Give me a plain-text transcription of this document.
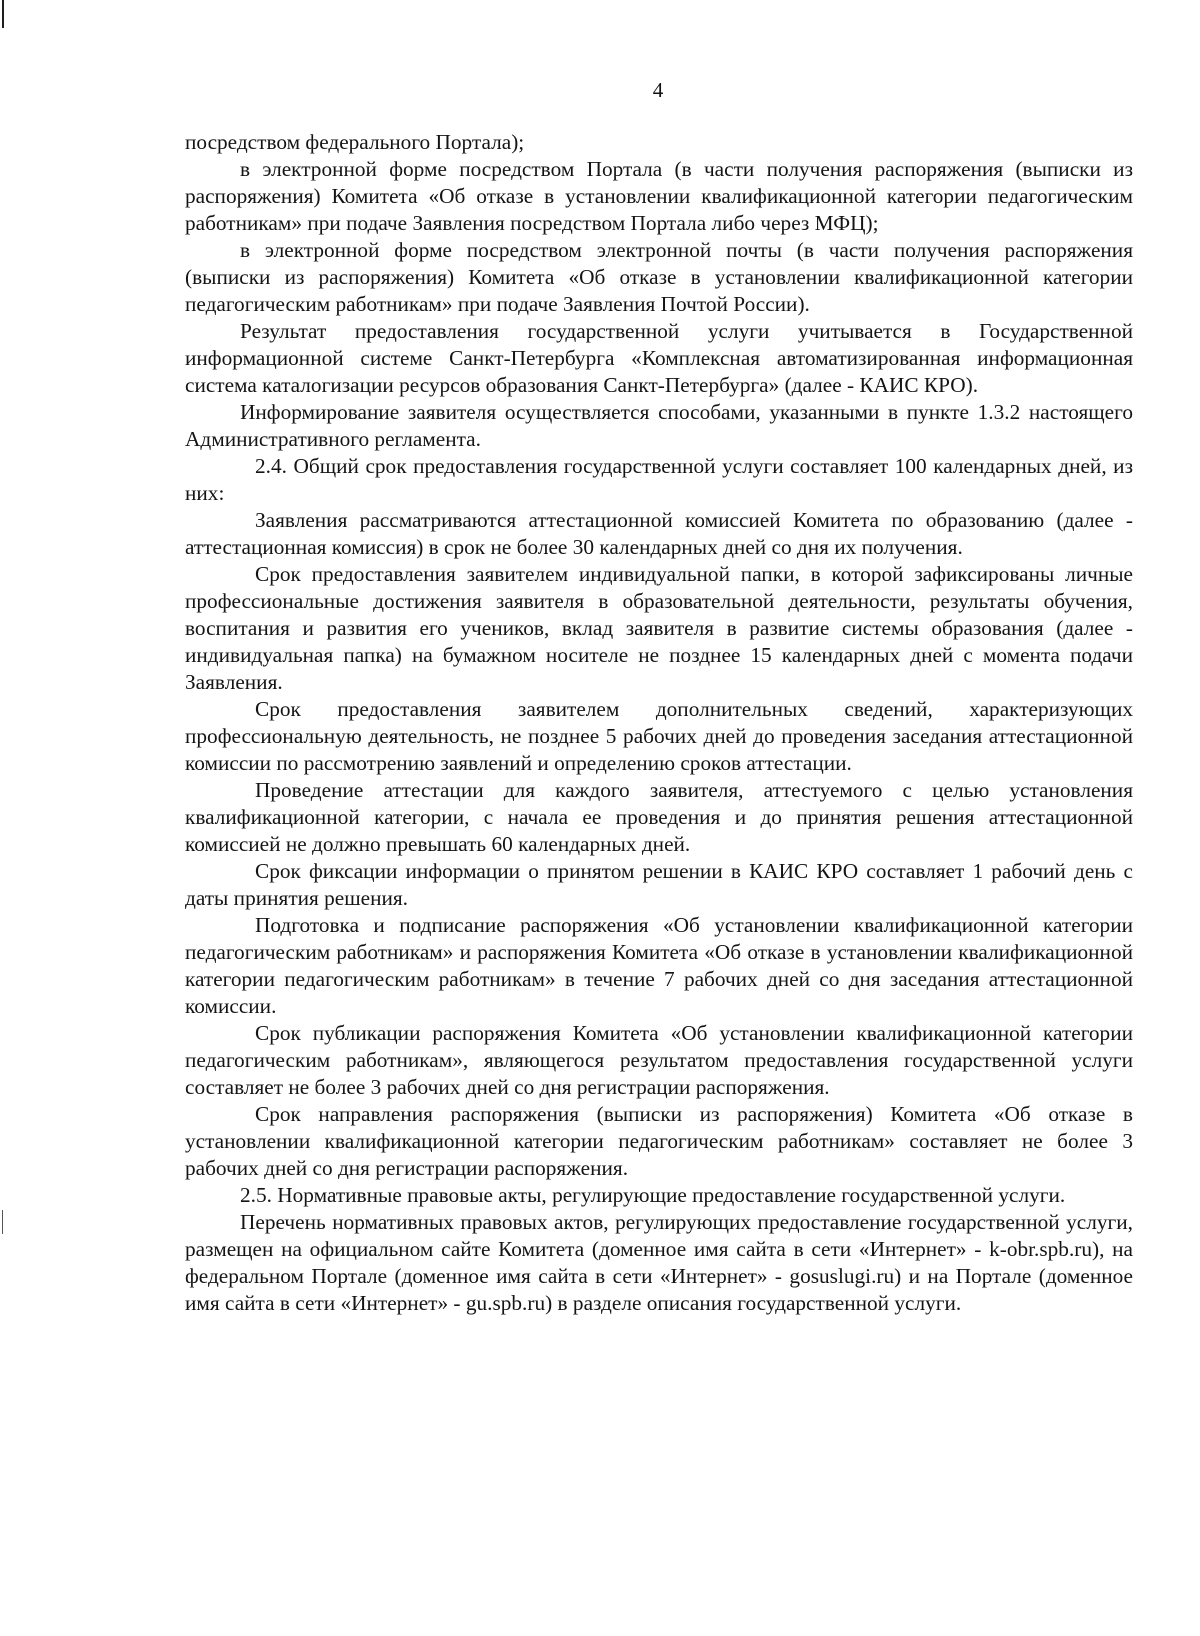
4

посредством федерального Портала);

в электронной форме посредством Портала (в части получения распоряжения (выписки из распоряжения) Комитета «Об отказе в установлении квалификационной категории педагогическим работникам» при подаче Заявления посредством Портала либо через МФЦ);

в электронной форме посредством электронной почты (в части получения распоряжения (выписки из распоряжения) Комитета «Об отказе в установлении квалификационной категории педагогическим работникам» при подаче Заявления Почтой России).

Результат предоставления государственной услуги учитывается в Государственной информационной системе Санкт-Петербурга «Комплексная автоматизированная информационная система каталогизации ресурсов образования Санкт-Петербурга» (далее - КАИС КРО).

Информирование заявителя осуществляется способами, указанными в пункте 1.3.2 настоящего Административного регламента.

2.4. Общий срок предоставления государственной услуги составляет 100 календарных дней, из них:

Заявления рассматриваются аттестационной комиссией Комитета по образованию (далее - аттестационная комиссия) в срок не более 30 календарных дней со дня их получения.

Срок предоставления заявителем индивидуальной папки, в которой зафиксированы личные профессиональные достижения заявителя в образовательной деятельности, результаты обучения, воспитания и развития его учеников, вклад заявителя в развитие системы образования (далее - индивидуальная папка) на бумажном носителе не позднее 15 календарных дней с момента подачи Заявления.

Срок предоставления заявителем дополнительных сведений, характеризующих профессиональную деятельность, не позднее 5 рабочих дней до проведения заседания аттестационной комиссии по рассмотрению заявлений и определению сроков аттестации.

Проведение аттестации для каждого заявителя, аттестуемого с целью установления квалификационной категории, с начала ее проведения и до принятия решения аттестационной комиссией не должно превышать 60 календарных дней.

Срок фиксации информации о принятом решении в КАИС КРО составляет 1 рабочий день с даты принятия решения.

Подготовка и подписание распоряжения «Об установлении квалификационной категории педагогическим работникам» и распоряжения Комитета «Об отказе в установлении квалификационной категории педагогическим работникам» в течение 7 рабочих дней со дня заседания аттестационной комиссии.

Срок публикации распоряжения Комитета «Об установлении квалификационной категории педагогическим работникам», являющегося результатом предоставления государственной услуги составляет не более 3 рабочих дней со дня регистрации распоряжения.

Срок направления распоряжения (выписки из распоряжения) Комитета «Об отказе в установлении квалификационной категории педагогическим работникам» составляет не более 3 рабочих дней со дня регистрации распоряжения.

2.5. Нормативные правовые акты, регулирующие предоставление государственной услуги.

Перечень нормативных правовых актов, регулирующих предоставление государственной услуги, размещен на официальном сайте Комитета (доменное имя сайта в сети «Интернет» - k-obr.spb.ru), на федеральном Портале (доменное имя сайта в сети «Интернет» - gosuslugi.ru) и на Портале (доменное имя сайта в сети «Интернет» - gu.spb.ru) в разделе описания государственной услуги.
